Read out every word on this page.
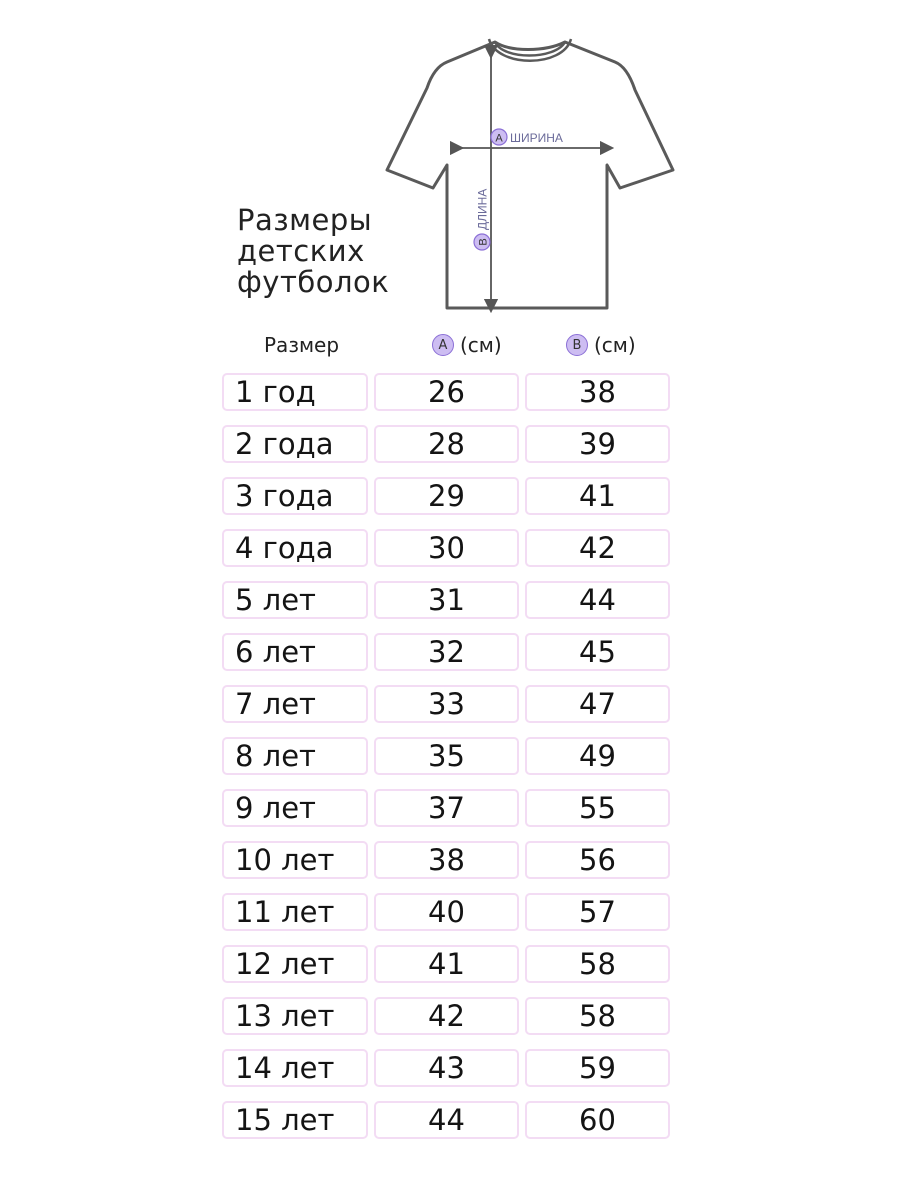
A ШИРИНА
B
ДЛИНА
Размеры
детских
футболок
Размер	A (см)	B (см)
1 год	26	38
2 года	28	39
3 года	29	41
4 года	30	42
5 лет	31	44
6 лет	32	45
7 лет	33	47
8 лет	35	49
9 лет	37	55
10 лет	38	56
11 лет	40	57
12 лет	41	58
13 лет	42	58
14 лет	43	59
15 лет	44	60
